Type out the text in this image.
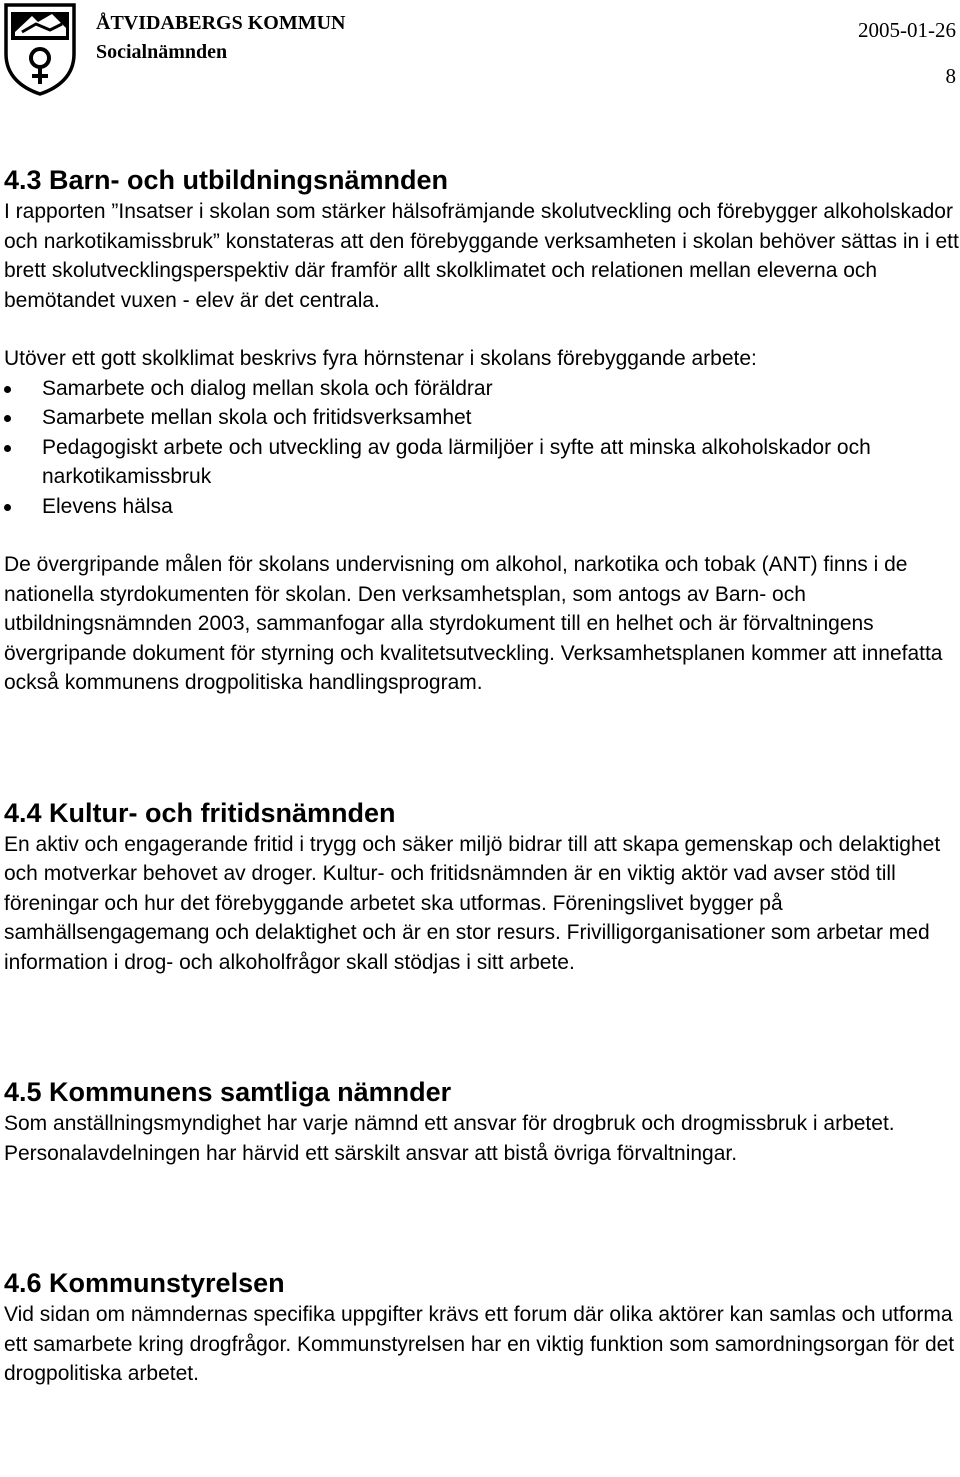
ÅTVIDABERGS KOMMUN
Socialnämnden
2005-01-26
8
4.3 Barn- och utbildningsnämnden

I rapporten ”Insatser i skolan som stärker hälsofrämjande skolutveckling och förebygger alkoholskador och narkotikamissbruk” konstateras att den förebyggande verksamheten i skolan behöver sättas in i ett brett skolutvecklingsperspektiv där framför allt skolklimatet och relationen mellan eleverna och bemötandet vuxen - elev är det centrala.

Utöver ett gott skolklimat beskrivs fyra hörnstenar i skolans förebyggande arbete:

Samarbete och dialog mellan skola och föräldrar
Samarbete mellan skola och fritidsverksamhet
Pedagogiskt arbete och utveckling av goda lärmiljöer i syfte att minska alkoholskador och narkotikamissbruk
Elevens hälsa

De övergripande målen för skolans undervisning om alkohol, narkotika och tobak (ANT) finns i de nationella styrdokumenten för skolan. Den verksamhetsplan, som antogs av Barn- och utbildningsnämnden 2003, sammanfogar alla styrdokument till en helhet och är förvaltningens övergripande dokument för styrning och kvalitetsutveckling. Verksamhetsplanen kommer att innefatta också kommunens drogpolitiska handlingsprogram.

4.4 Kultur- och fritidsnämnden

En aktiv och engagerande fritid i trygg och säker miljö bidrar till att skapa gemenskap och delaktighet och motverkar behovet av droger. Kultur- och fritidsnämnden är en viktig aktör vad avser stöd till föreningar och hur det förebyggande arbetet ska utformas. Föreningslivet bygger på samhällsengagemang och delaktighet och är en stor resurs. Frivilligorganisationer som arbetar med information i drog- och alkoholfrågor skall stödjas i sitt arbete.

4.5 Kommunens samtliga nämnder

Som anställningsmyndighet har varje nämnd ett ansvar för drogbruk och drogmissbruk i arbetet. Personalavdelningen har härvid ett särskilt ansvar att bistå övriga förvaltningar.

4.6 Kommunstyrelsen

Vid sidan om nämndernas specifika uppgifter krävs ett forum där olika aktörer kan samlas och utforma ett samarbete kring drogfrågor. Kommunstyrelsen har en viktig funktion som samordningsorgan för det drogpolitiska arbetet.
